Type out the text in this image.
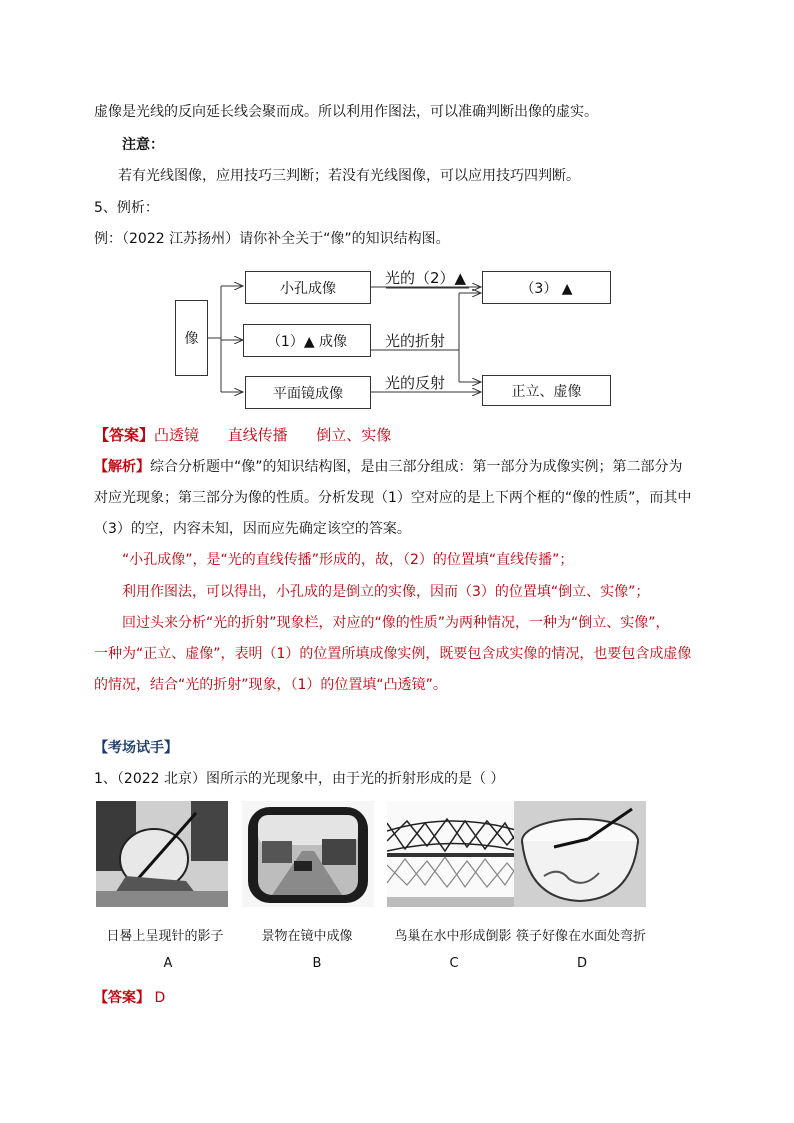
虚像是光线的反向延长线会聚而成。所以利用作图法，可以准确判断出像的虚实。
注意：
若有光线图像，应用技巧三判断；若没有光线图像，可以应用技巧四判断。
5、例析：
例：（2022 江苏扬州）请你补全关于“像”的知识结构图。
像
小孔成像
（1）▲ 成像
平面镜成像
（3） ▲
正立、虚像
光的（2）▲
光的折射
光的反射
【答案】凸透镜      直线传播      倒立、实像
【解析】综合分析题中“像”的知识结构图，是由三部分组成：第一部分为成像实例；第二部分为
对应光现象；第三部分为像的性质。分析发现（1）空对应的是上下两个框的“像的性质”，而其中
（3）的空，内容未知，因而应先确定该空的答案。
“小孔成像”，是“光的直线传播”形成的，故，（2）的位置填“直线传播”；
利用作图法，可以得出，小孔成的是倒立的实像，因而（3）的位置填“倒立、实像”；
回过头来分析“光的折射”现象栏，对应的“像的性质”为两种情况，一种为“倒立、实像”，
一种为“正立、虚像”，表明（1）的位置所填成像实例，既要包含成实像的情况，也要包含成虚像
的情况，结合“光的折射”现象，（1）的位置填“凸透镜”。
【考场试手】
1、（2022 北京）图所示的光现象中，由于光的折射形成的是（ ）
日晷上呈现针的影子	景物在镜中成像	鸟巢在水中形成倒影 筷子好像在水面处弯折
A	B	C	D
【答案】 D
